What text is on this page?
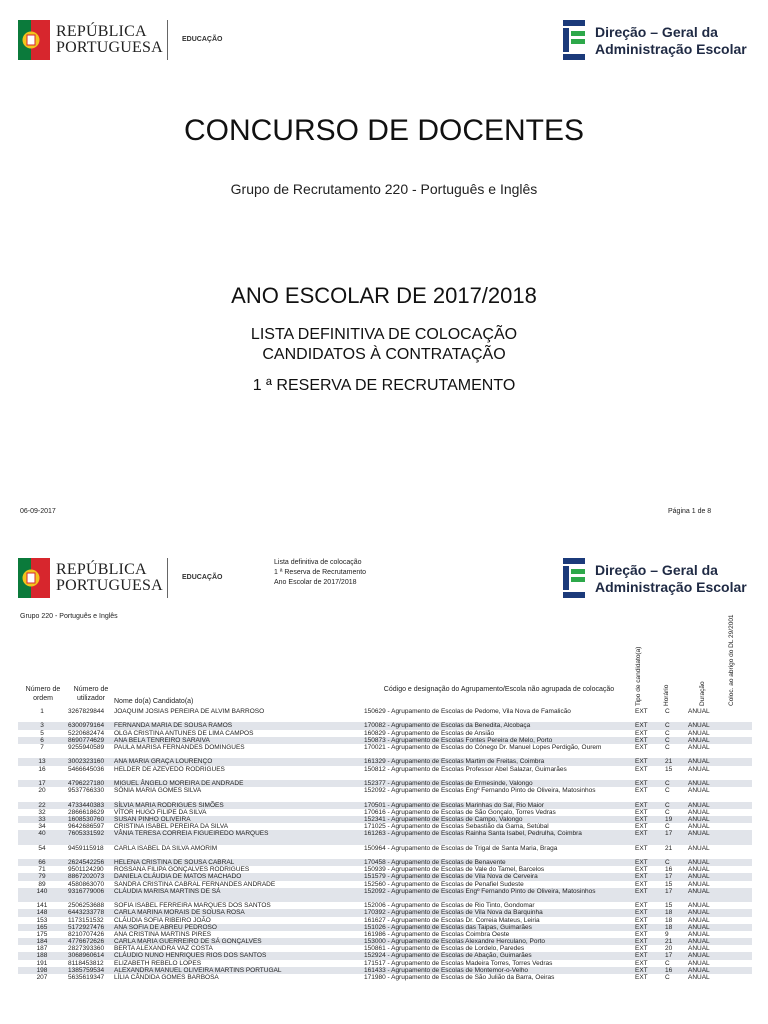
REPÚBLICA
PORTUGUESA	EDUCAÇÃO	Direção – Geral da
Administração Escolar
CONCURSO DE DOCENTES
Grupo de Recrutamento 220 - Português e Inglês
ANO ESCOLAR DE 2017/2018
LISTA DEFINITIVA DE COLOCAÇÃO
CANDIDATOS À CONTRATAÇÃO
1 ª RESERVA DE RECRUTAMENTO
06-09-2017	Página 1 de 8
REPÚBLICA
PORTUGUESA	EDUCAÇÃO
Lista definitiva de colocação
1 ª Reserva de Recrutamento
Ano Escolar de 2017/2018
Direção – Geral da
Administração Escolar
Grupo 220 - Português e Inglês
Número de ordem
Número de utilizador	Nome do(a) Candidato(a)
Código e designação do Agrupamento/Escola não agrupada de colocação	Tipo de candidato(a)	Horário	Duração	Coloc. ao abrigo do DL 29/2001
1	3267829844 JOAQUIM JOSIAS PEREIRA DE ALVIM BARROSO	150629 - Agrupamento de Escolas de Pedome, Vila Nova de Famalicão	EXT	C	ANUAL
3	6300979164 FERNANDA MARIA DE SOUSA RAMOS	170082 - Agrupamento de Escolas da Benedita, Alcobaça	EXT	C	ANUAL
5	5220682474 OLGA CRISTINA ANTUNES DE LIMA CAMPOS	160829 - Agrupamento de Escolas de Ansião	EXT	C	ANUAL
6	8690774629 ANA BELA TENREIRO SARAIVA	150873 - Agrupamento de Escolas Fontes Pereira de Melo, Porto	EXT	C	ANUAL
7	9255940589 PAULA MARISA FERNANDES DOMINGUES	170021 - Agrupamento de Escolas do Cónego Dr. Manuel Lopes Perdigão, Ourem	EXT	C	ANUAL
13	3002323160 ANA MARIA GRAÇA LOURENÇO	161329 - Agrupamento de Escolas Martim de Freitas, Coimbra	EXT	21 ANUAL
16	5466645036 HELDER DE AZEVEDO RODRIGUES	150812 - Agrupamento de Escolas Professor Abel Salazar, Guimarães	EXT	15 ANUAL
17	4796227180 MIGUEL ÂNGELO MOREIRA DE ANDRADE	152377 - Agrupamento de Escolas de Ermesinde, Valongo	EXT	C	ANUAL
20	9537766330 SÓNIA MARIA GOMES SILVA	152092 - Agrupamento de Escolas Engº Fernando Pinto de Oliveira, Matosinhos	EXT	C	ANUAL
22	4733440383 SÍLVIA MARIA RODRIGUES SIMÕES	170501 - Agrupamento de Escolas Marinhas do Sal, Rio Maior	EXT	C	ANUAL
32	2866618629 VÍTOR HUGO FILIPE DA SILVA	170616 - Agrupamento de Escolas de São Gonçalo, Torres Vedras	EXT	C	ANUAL
33	1608530760 SUSAN PINHO OLIVEIRA	152341 - Agrupamento de Escolas de Campo, Valongo	EXT	19 ANUAL
34	9642686597 CRISTINA ISABEL PEREIRA DA SILVA	171025 - Agrupamento de Escolas Sebastião da Gama, Setúbal	EXT	C	ANUAL
40	7605331592 VÂNIA TERESA CORREIA FIGUEIREDO MARQUES	161263 - Agrupamento de Escolas Rainha Santa Isabel, Pedrulha, Coimbra	EXT	17 ANUAL
54	9459115918 CARLA ISABEL DA SILVA AMORIM	150964 - Agrupamento de Escolas de Trigal de Santa Maria, Braga	EXT	21 ANUAL
66	2624542256 HELENA CRISTINA DE SOUSA CABRAL	170458 - Agrupamento de Escolas de Benavente	EXT	C	ANUAL
71	9501124290 ROSSANA FILIPA GONÇALVES RODRIGUES	150939 - Agrupamento de Escolas de Vale do Tamel, Barcelos	EXT	16 ANUAL
79	8867202073 DANIELA CLÁUDIA DE MATOS MACHADO	151579 - Agrupamento de Escolas de Vila Nova de Cerveira	EXT	17 ANUAL
89	4580863070 SANDRA CRISTINA CABRAL FERNANDES ANDRADE	152560 - Agrupamento de Escolas de Penafiel Sudeste	EXT	15 ANUAL
140	9316779006 CLÁUDIA MARISA MARTINS DE SÁ	152092 - Agrupamento de Escolas Engº Fernando Pinto de Oliveira, Matosinhos	EXT	17 ANUAL
141	2506253688 SOFIA ISABEL FERREIRA MARQUES DOS SANTOS	152006 - Agrupamento de Escolas de Rio Tinto, Gondomar	EXT	15 ANUAL
148	6443233778 CARLA MARINA MORAIS DE SOUSA ROSA	170392 - Agrupamento de Escolas de Vila Nova da Barquinha	EXT	18 ANUAL
153	1173151532 CLÁUDIA SOFIA RIBEIRO JOÃO	161627 - Agrupamento de Escolas Dr. Correia Mateus, Leiria	EXT	18 ANUAL
165	5172927476 ANA SOFIA DE ABREU PEDROSO	151026 - Agrupamento de Escolas das Taipas, Guimarães	EXT	18 ANUAL
175	8210707426 ANA CRISTINA MARTINS PIRES	161986 - Agrupamento de Escolas Coimbra Oeste	EXT	9	ANUAL
184	4776672626 CARLA MARIA GUERREIRO DE SÁ GONÇALVES	153000 - Agrupamento de Escolas Alexandre Herculano, Porto	EXT	21 ANUAL
187	2827393360 BERTA ALEXANDRA VAZ COSTA	150861 - Agrupamento de Escolas de Lordelo, Paredes	EXT	20 ANUAL
188	3068960614 CLÁUDIO NUNO HENRIQUES RIOS DOS SANTOS	152924 - Agrupamento de Escolas de Abação, Guimarães	EXT	17 ANUAL
191	8118453812 ELIZABETH REBELO LOPES	171517 - Agrupamento de Escolas Madeira Torres, Torres Vedras	EXT	C	ANUAL
198	1385759534 ALEXANDRA MANUEL OLIVEIRA MARTINS PORTUGAL	161433 - Agrupamento de Escolas de Montemor-o-Velho	EXT	16 ANUAL
207	5635619347 LÍLIA CÂNDIDA GOMES BARBOSA	171980 - Agrupamento de Escolas de São Julião da Barra, Oeiras	EXT	C	ANUAL
